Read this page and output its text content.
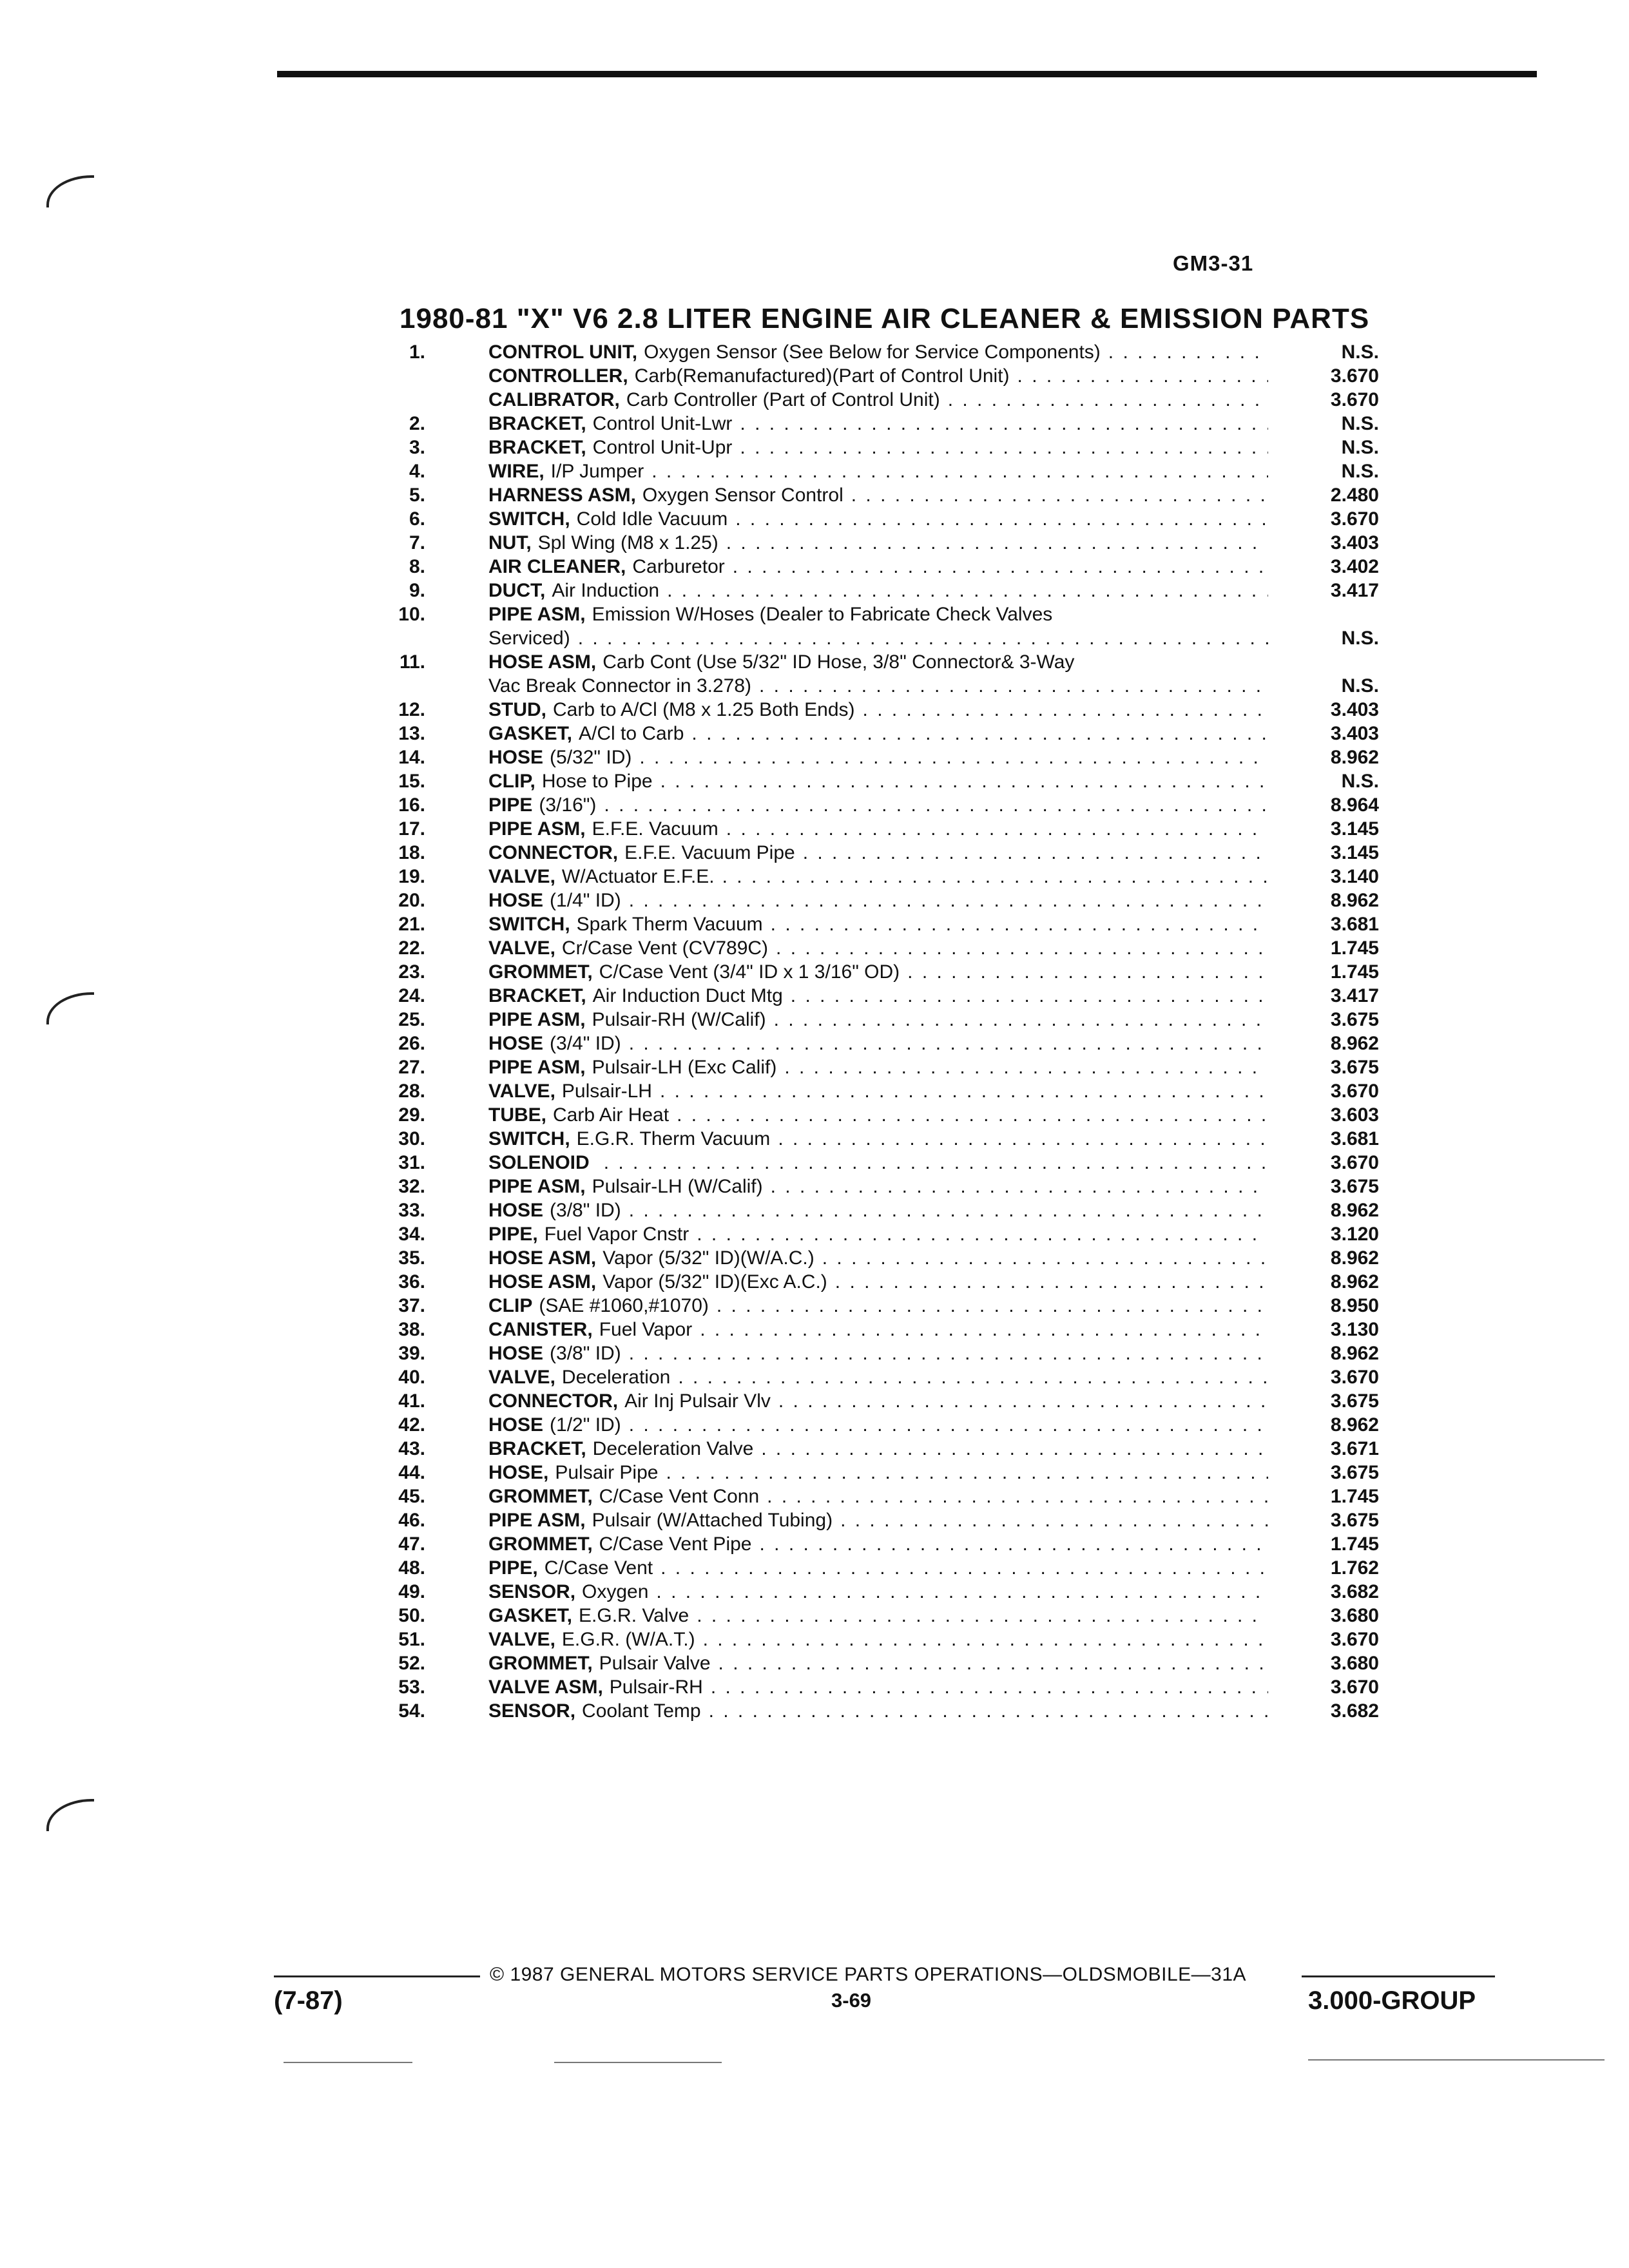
GM3-31
1980-81 "X" V6 2.8 LITER ENGINE AIR CLEANER & EMISSION PARTS
1.	CONTROL UNIT, Oxygen Sensor (See Below for Service Components) . . .	N.S.
CONTROLLER, Carb(Remanufactured)(Part of Control Unit) . . .	3.670
CALIBRATOR, Carb Controller (Part of Control Unit) . . .	3.670
2.	BRACKET, Control Unit-Lwr . . .	N.S.
3.	BRACKET, Control Unit-Upr . . .	N.S.
4.	WIRE, I/P Jumper . . .	N.S.
5.	HARNESS ASM, Oxygen Sensor Control . . .	2.480
6.	SWITCH, Cold Idle Vacuum . . .	3.670
7.	NUT, Spl Wing (M8 x 1.25) . . .	3.403
8.	AIR CLEANER, Carburetor . . .	3.402
9.	DUCT, Air Induction . . .	3.417
10.	PIPE ASM, Emission W/Hoses (Dealer to Fabricate Check Valves
Serviced) . . .	N.S.
11.	HOSE ASM, Carb Cont (Use 5/32" ID Hose, 3/8" Connector& 3-Way
Vac Break Connector in 3.278) . . .	N.S.
12.	STUD, Carb to A/Cl (M8 x 1.25 Both Ends) . . .	3.403
13.	GASKET, A/Cl to Carb . . .	3.403
14.	HOSE (5/32" ID) . . .	8.962
15.	CLIP, Hose to Pipe . . .	N.S.
16.	PIPE (3/16") . . .	8.964
17.	PIPE ASM, E.F.E. Vacuum . . .	3.145
18.	CONNECTOR, E.F.E. Vacuum Pipe . . .	3.145
19.	VALVE, W/Actuator E.F.E. . . .	3.140
20.	HOSE (1/4" ID) . . .	8.962
21.	SWITCH, Spark Therm Vacuum . . .	3.681
22.	VALVE, Cr/Case Vent (CV789C) . . .	1.745
23.	GROMMET, C/Case Vent (3/4" ID x 1 3/16" OD) . . .	1.745
24.	BRACKET, Air Induction Duct Mtg . . .	3.417
25.	PIPE ASM, Pulsair-RH (W/Calif) . . .	3.675
26.	HOSE (3/4" ID) . . .	8.962
27.	PIPE ASM, Pulsair-LH (Exc Calif) . . .	3.675
28.	VALVE, Pulsair-LH . . .	3.670
29.	TUBE, Carb Air Heat . . .	3.603
30.	SWITCH, E.G.R. Therm Vacuum . . .	3.681
31.	SOLENOID . . .	3.670
32.	PIPE ASM, Pulsair-LH (W/Calif) . . .	3.675
33.	HOSE (3/8" ID) . . .	8.962
34.	PIPE, Fuel Vapor Cnstr . . .	3.120
35.	HOSE ASM, Vapor (5/32" ID)(W/A.C.) . . .	8.962
36.	HOSE ASM, Vapor (5/32" ID)(Exc A.C.) . . .	8.962
37.	CLIP (SAE #1060,#1070) . . .	8.950
38.	CANISTER, Fuel Vapor . . .	3.130
39.	HOSE (3/8" ID) . . .	8.962
40.	VALVE, Deceleration . . .	3.670
41.	CONNECTOR, Air Inj Pulsair Vlv . . .	3.675
42.	HOSE (1/2" ID) . . .	8.962
43.	BRACKET, Deceleration Valve . . .	3.671
44.	HOSE, Pulsair Pipe . . .	3.675
45.	GROMMET, C/Case Vent Conn . . .	1.745
46.	PIPE ASM, Pulsair (W/Attached Tubing) . . .	3.675
47.	GROMMET, C/Case Vent Pipe . . .	1.745
48.	PIPE, C/Case Vent . . .	1.762
49.	SENSOR, Oxygen . . .	3.682
50.	GASKET, E.G.R. Valve . . .	3.680
51.	VALVE, E.G.R. (W/A.T.) . . .	3.670
52.	GROMMET, Pulsair Valve . . .	3.680
53.	VALVE ASM, Pulsair-RH . . .	3.670
54.	SENSOR, Coolant Temp . . .	3.682
© 1987 GENERAL MOTORS SERVICE PARTS OPERATIONS—OLDSMOBILE—31A
3-69
(7-87)	3.000-GROUP
